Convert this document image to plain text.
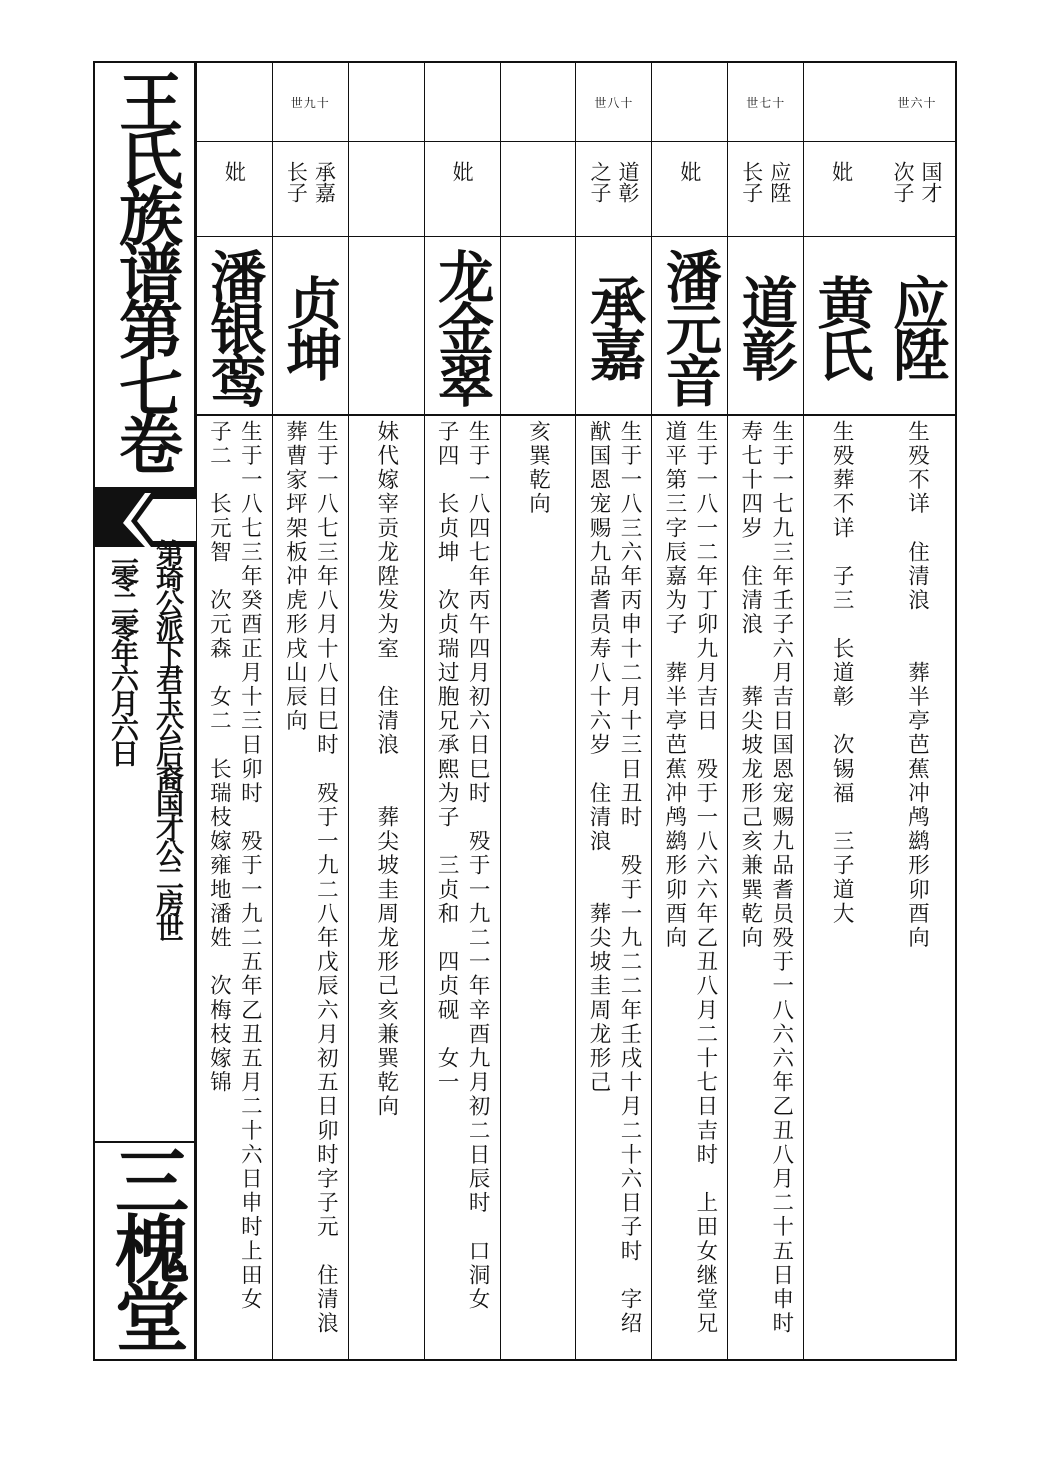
王氏族谱第七卷
第琦公派下君玉公后裔国才公二房世
二零二零年六月六日
三槐堂
世六十
国才次子
应陞
生殁不详　住清浪　　葬半亭芭蕉冲鸬鹚形卯酉向
妣
黄氏
生殁葬不详　子三　长道彰　次锡福　三子道大
世七十
应陞长子
道彰
生于一七九三年壬子六月吉日国恩宠赐九品耆员殁于一八六六年乙丑八月二十五日申时寿七十四岁　住清浪　　葬尖坡龙形己亥兼巽乾向
妣
潘元音
生于一八一二年丁卯九月吉日　殁于一八六六年乙丑八月二十七日吉时　上田女继堂兄道平第三字辰嘉为子　葬半亭芭蕉冲鸬鹚形卯酉向
世八十
道彰之子
承嘉
生于一八三六年丙申十二月十三日丑时　殁于一九二二年壬戌十月二十六日子时　字绍猷国恩宠赐九品耆员寿八十六岁　住清浪　　葬尖坡圭周龙形己
亥巽乾向
妣
龙金翠
生于一八四七年丙午四月初六日巳时　殁于一九二一年辛酉九月初二日辰时　口洞女　子四　长贞坤　次贞瑞过胞兄承熙为子　三贞和　四贞砚　女一
妹代嫁宰贡龙陞发为室　住清浪　　葬尖坡圭周龙形己亥兼巽乾向
世九十
承嘉长子
贞坤
生于一八七三年八月十八日巳时　殁于一九二八年戊辰六月初五日卯时字子元　住清浪　葬曹家坪架板冲虎形戌山辰向
妣
潘银鸾
生于一八七三年癸酉正月十三日卯时　殁于一九二五年乙丑五月二十六日申时上田女　子二　长元智　次元森　女二　长瑞枝嫁雍地潘姓　次梅枝嫁锦
